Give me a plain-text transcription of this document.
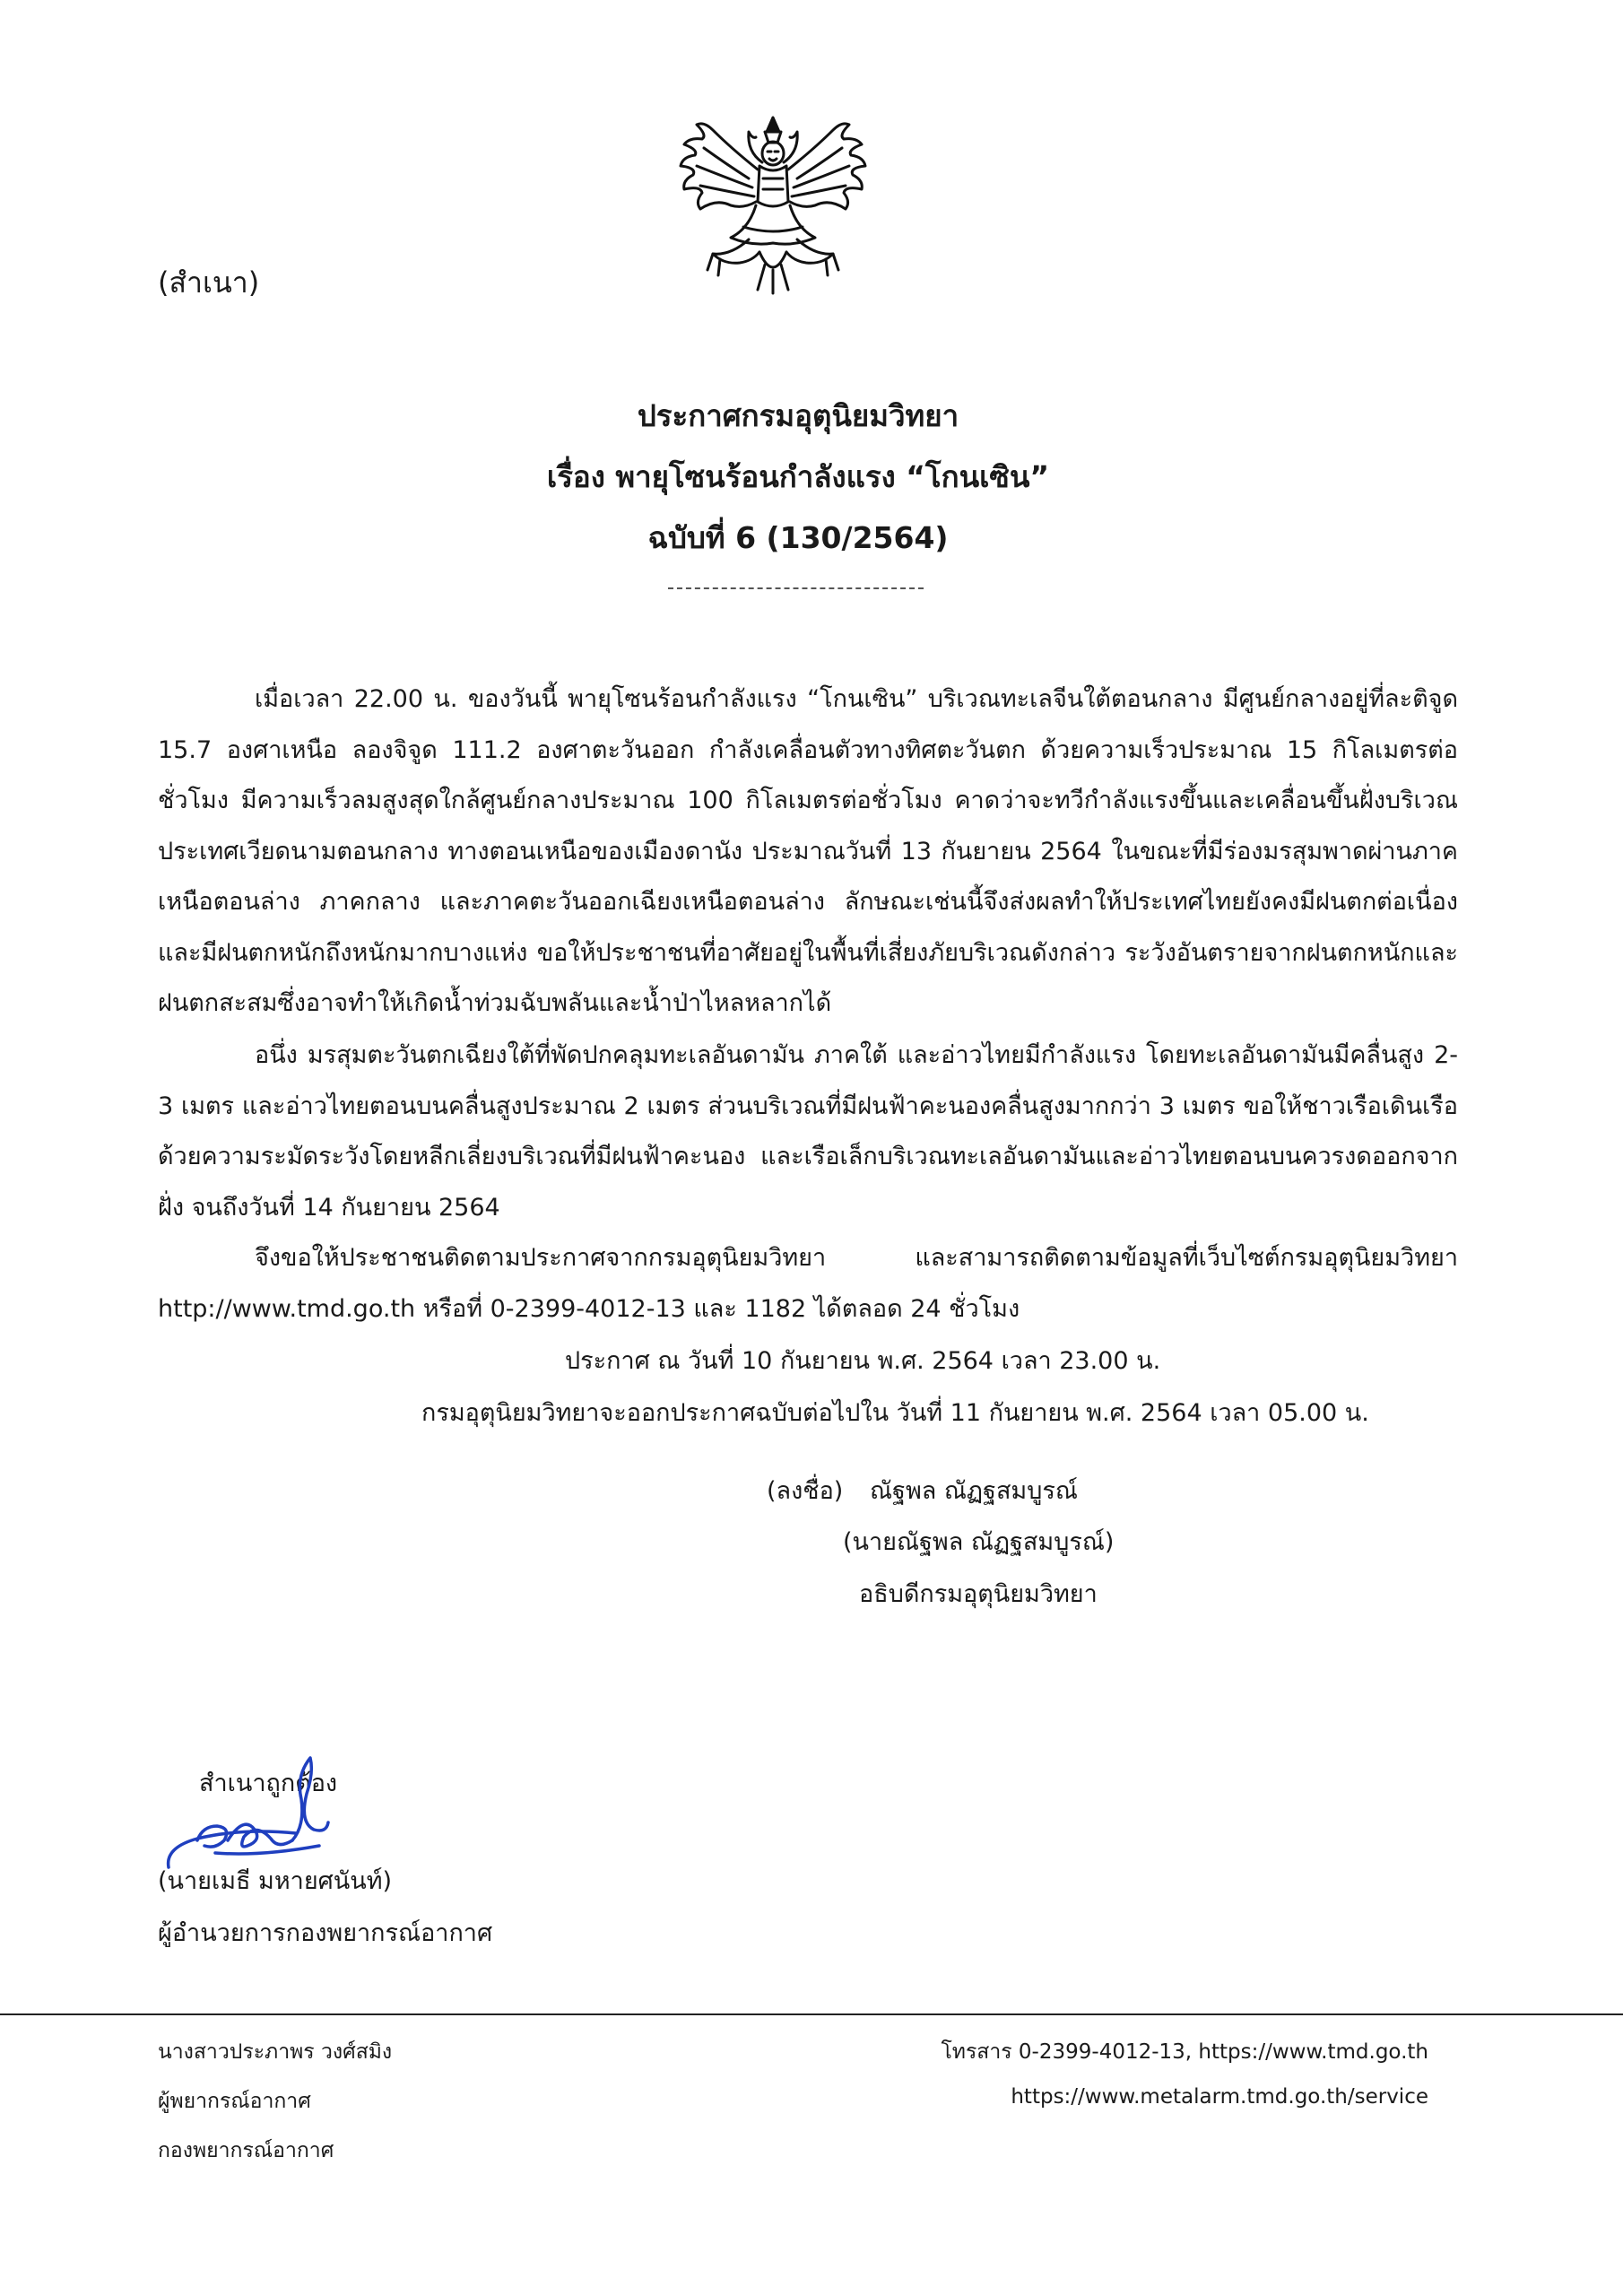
(สำเนา)
ประกาศกรมอุตุนิยมวิทยา
เรื่อง พายุโซนร้อนกำลังแรง “โกนเซิน”
ฉบับที่ 6 (130/2564)

เมื่อเวลา 22.00 น. ของวันนี้ พายุโซนร้อนกำลังแรง “โกนเซิน” บริเวณทะเลจีนใต้ตอนกลาง มีศูนย์กลางอยู่ที่ละติจูด 15.7 องศาเหนือ ลองจิจูด 111.2 องศาตะวันออก กำลังเคลื่อนตัวทางทิศตะวันตก ด้วยความเร็วประมาณ 15 กิโลเมตรต่อชั่วโมง มีความเร็วลมสูงสุดใกล้ศูนย์กลางประมาณ 100 กิโลเมตรต่อชั่วโมง คาดว่าจะทวีกำลังแรงขึ้นและเคลื่อนขึ้นฝั่งบริเวณประเทศเวียดนามตอนกลาง ทางตอนเหนือของเมืองดานัง ประมาณวันที่ 13 กันยายน 2564 ในขณะที่มีร่องมรสุมพาดผ่านภาคเหนือตอนล่าง ภาคกลาง และภาคตะวันออกเฉียงเหนือตอนล่าง ลักษณะเช่นนี้จึงส่งผลทำให้ประเทศไทยยังคงมีฝนตกต่อเนื่องและมีฝนตกหนักถึงหนักมากบางแห่ง ขอให้ประชาชนที่อาศัยอยู่ในพื้นที่เสี่ยงภัยบริเวณดังกล่าว ระวังอันตรายจากฝนตกหนักและฝนตกสะสมซึ่งอาจทำให้เกิดน้ำท่วมฉับพลันและน้ำป่าไหลหลากได้

อนึ่ง มรสุมตะวันตกเฉียงใต้ที่พัดปกคลุมทะเลอันดามัน ภาคใต้ และอ่าวไทยมีกำลังแรง โดยทะเลอันดามันมีคลื่นสูง 2-3 เมตร และอ่าวไทยตอนบนคลื่นสูงประมาณ 2 เมตร ส่วนบริเวณที่มีฝนฟ้าคะนองคลื่นสูงมากกว่า 3 เมตร ขอให้ชาวเรือเดินเรือด้วยความระมัดระวังโดยหลีกเลี่ยงบริเวณที่มีฝนฟ้าคะนอง และเรือเล็กบริเวณทะเลอันดามันและอ่าวไทยตอนบนควรงดออกจากฝั่ง จนถึงวันที่ 14 กันยายน 2564

จึงขอให้ประชาชนติดตามประกาศจากกรมอุตุนิยมวิทยา และสามารถติดตามข้อมูลที่เว็บไซต์กรมอุตุนิยมวิทยา http://www.tmd.go.th หรือที่ 0-2399-4012-13 และ 1182 ได้ตลอด 24 ชั่วโมง

ประกาศ ณ วันที่ 10 กันยายน พ.ศ. 2564 เวลา 23.00 น.
กรมอุตุนิยมวิทยาจะออกประกาศฉบับต่อไปใน วันที่ 11 กันยายน พ.ศ. 2564 เวลา 05.00 น.
(ลงชื่อ) ณัฐพล ณัฏฐสมบูรณ์
(นายณัฐพล ณัฏฐสมบูรณ์)
อธิบดีกรมอุตุนิยมวิทยา
สำเนาถูกต้อง
(นายเมธี มหายศนันท์)
ผู้อำนวยการกองพยากรณ์อากาศ
นางสาวประภาพร วงศ์สมิง
ผู้พยากรณ์อากาศ
กองพยากรณ์อากาศ
โทรสาร 0-2399-4012-13, https://www.tmd.go.th
https://www.metalarm.tmd.go.th/service
